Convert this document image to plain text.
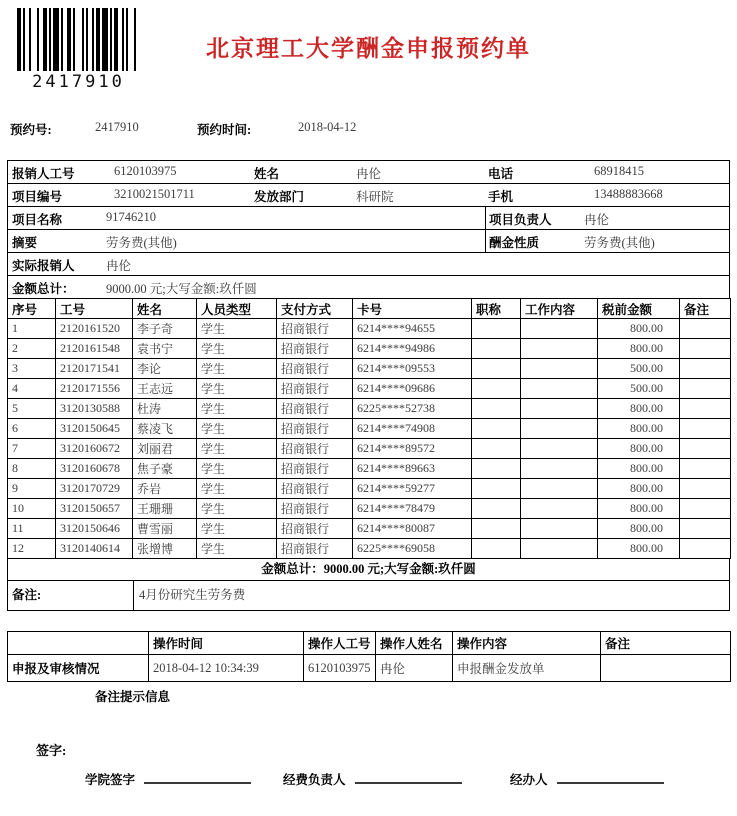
2417910
北京理工大学酬金申报预约单
预约号:	2417910	预约时间:	2018-04-12
报销人工号	6120103975	姓名	冉伦	电话	68918415
项目编号	3210021501711	发放部门	科研院	手机	13488883668
项目名称	91746210	项目负责人	冉伦
摘要	劳务费(其他)	酬金性质	劳务费(其他)
实际报销人	冉伦
金额总计：	9000.00 元;大写金额:玖仟圆
序号	工号	姓名	人员类型	支付方式	卡号	职称	工作内容	税前金额	备注
1	2120161520	李子奇	学生	招商银行	6214****94655			800.00	
2	2120161548	袁书宁	学生	招商银行	6214****94986			800.00	
3	2120171541	李论	学生	招商银行	6214****09553			500.00	
4	2120171556	王志远	学生	招商银行	6214****09686			500.00	
5	3120130588	杜涛	学生	招商银行	6225****52738			800.00	
6	3120150645	蔡凌飞	学生	招商银行	6214****74908			800.00	
7	3120160672	刘丽君	学生	招商银行	6214****89572			800.00	
8	3120160678	焦子豪	学生	招商银行	6214****89663			800.00	
9	3120170729	乔岩	学生	招商银行	6214****59277			800.00	
10	3120150657	王珊珊	学生	招商银行	6214****78479			800.00	
11	3120150646	曹雪丽	学生	招商银行	6214****80087			800.00	
12	3120140614	张增博	学生	招商银行	6225****69058			800.00	
金额总计：9000.00 元;大写金额:玖仟圆
备注:	4月份研究生劳务费
	操作时间	操作人工号	操作人姓名	操作内容	备注
申报及审核情况	2018-04-12 10:34:39	6120103975	冉伦	申报酬金发放单	
备注提示信息
签字:
学院签字	经费负责人	经办人
